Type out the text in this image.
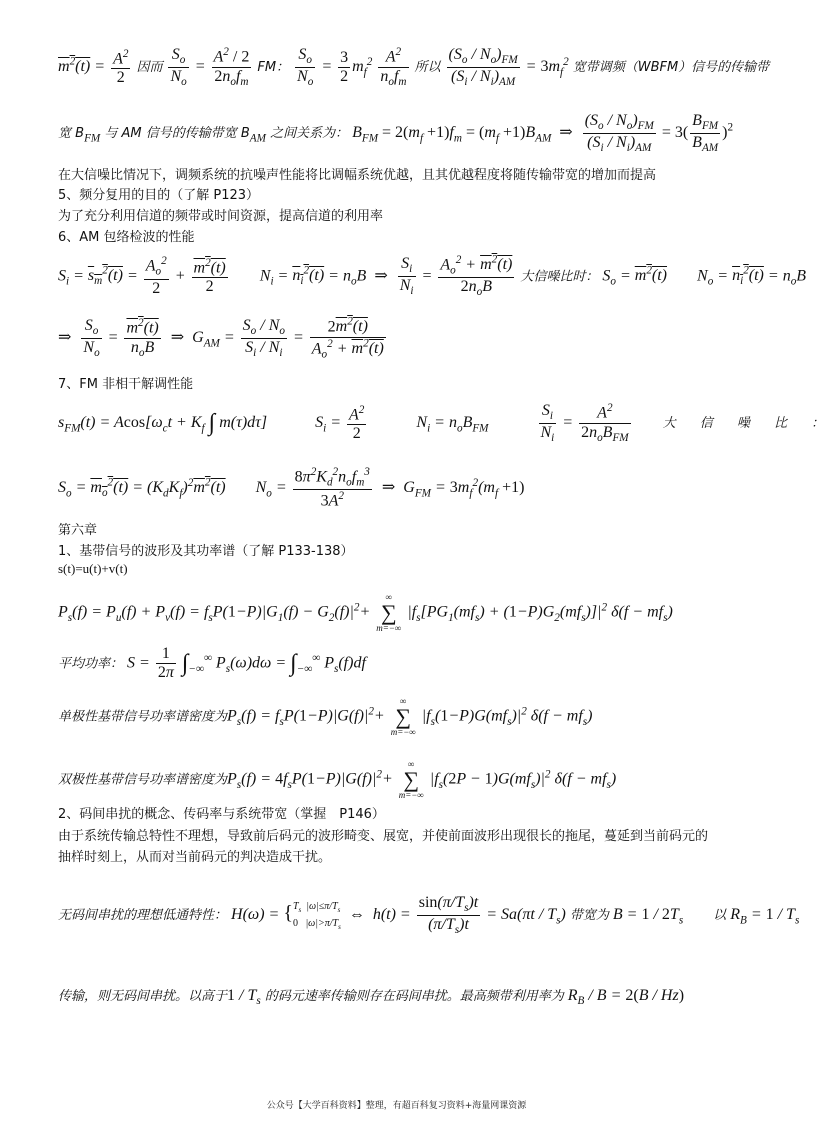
$m^2(t) = \frac{A^2}{2}$ 因而 $\frac{S_o}{N_o} = \frac{A^2 / 2}{2n_of_m}$ FM： $\frac{S_o}{N_o} = \frac{3}{2} m_f^2 \frac{A^2}{n_of_m}$ 所以 $\frac{(S_o / N_o)_{FM}}{(S_i / N_i)_{AM}} = 3m_f^2$ 宽带调频（WBFM）信号的传输带
宽 $B_{FM}$ 与 AM 信号的传输带宽 $B_{AM}$ 之间关系为： $B_{FM} = 2(m_f +1)f_m = (m_f +1)B_{AM}$  ⇒ $\frac{(S_o / N_o)_{FM}}{(S_i / N_i)_{AM}} = 3( \frac{B_{FM}}{B_{AM}} )^2$
在大信噪比情况下，调频系统的抗噪声性能将比调幅系统优越，且其优越程度将随传输带宽的增加而提高
5、频分复用的目的（了解 P123）
为了充分利用信道的频带或时间资源，提高信道的利用率
6、AM 包络检波的性能
$S_i = s_m^2(t) = \frac{A_o^2}{2} + \frac{m^2(t)}{2} N_i = n_i^2(t) = n_oB$  ⇒ $\frac{S_i}{N_i} = \frac{A_o^2 + m^2(t)}{2n_oB}$ 大信噪比时： $S_o = m^2(t) N_o = n_i^2(t) = n_oB$
⇒ $\frac{S_o}{N_o} = \frac{m^2(t)}{n_oB}$ ⇒  $G_{AM} = \frac{S_o / N_o}{S_i / N_i} = \frac{2m^2(t)}{A_o^2 + m^2(t)}$
7、FM 非相干解调性能
$s_{FM}(t) = Acos[\omega_ct + K_f$ ∫ m(τ)dτ]	$S_i = \frac{A^2}{2}$	$N_i = n_oB_{FM}$	$\frac{S_i}{N_i} = \frac{A^2}{2n_oB_{FM}}$ 大 信 噪 比 ：
$S_o = m_o^2(t) = (K_dK_f)^2m^2(t) N_o = \frac{8\pi^2K_d^2n_of_m^3}{3A^2}$ ⇒  $G_{FM} = 3m_f^2(m_f +1)$
第六章
1、基带信号的波形及其功率谱（了解 P133-138）
s(t)=u(t)+v(t)
$P_s(f) = P_u(f) + P_v(f) = f_sP(1-P)|G_1(f) - G_2(f)|^2+$ ∞
∑
m=−∞ $|f_s[PG_1(mf_s) + (1-P)G_2(mf_s)]|^2$ $\delta(f - mf_s)$
平均功率： $S = \frac{1}{2\pi} \int_{-\infty}^\infty$ $P_s(\omega)d\omega = \int_{-\infty}^\infty$ $P_s(f)df$
单极性基带信号功率谱密度为$P_s(f) = f_sP(1-P)|G(f)|^2+$ ∞
∑
m=−∞ $|f_s(1-P)G(mf_s)|^2$ $\delta(f - mf_s)$
双极性基带信号功率谱密度为$P_s(f) = 4f_sP(1-P)|G(f)|^2+$ ∞
∑
m=−∞ $|f_s(2P - 1)G(mf_s)|^2$ $\delta(f - mf_s)$
2、码间串扰的概念、传码率与系统带宽（掌握　P146）
由于系统传输总特性不理想，导致前后码元的波形畸变、展宽，并使前面波形出现很长的拖尾，蔓延到当前码元的
抽样时刻上，从而对当前码元的判决造成干扰。
无码间串扰的理想低通特性： $H(\omega) = \{T_s$  $|\omega|\le\pi/T_s$
0   $|\omega|>\pi/T_s$  ⇔  $h(t) = \frac{\sin(\pi/T_s)t}{(\pi/T_s)t} = Sa(\pi t / T_s)$ 带宽为 $B = 1 / 2T_s$ 以 $R_B = 1 / T_s$
传输，则无码间串扰。以高于$1 / T_s$ 的码元速率传输则存在码间串扰。最高频带利用率为 $R_B / B = 2(B / Hz)$
公众号【大学百科资料】整理，有超百科复习资料+海量网课资源
